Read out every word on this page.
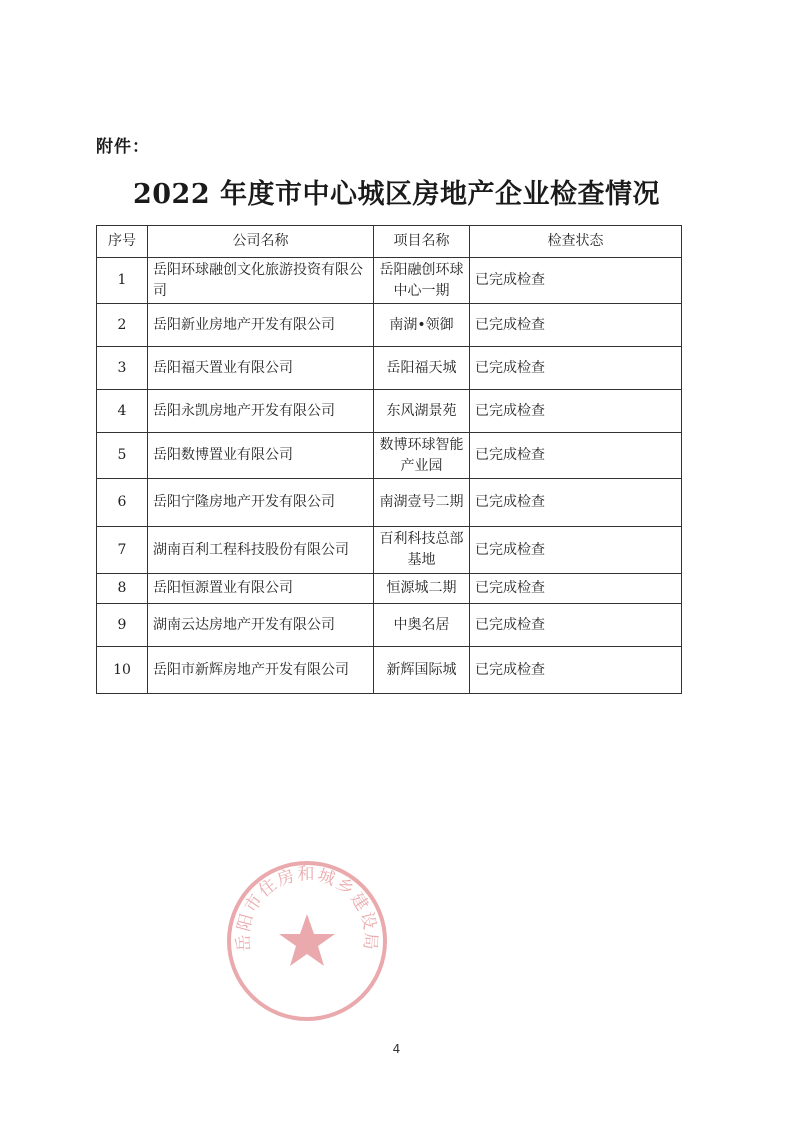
附件：
2022 年度市中心城区房地产企业检查情况
序号	公司名称	项目名称	检查状态
1	岳阳环球融创文化旅游投资有限公司	岳阳融创环球中心一期	已完成检查
2	岳阳新业房地产开发有限公司	南湖•领御	已完成检查
3	岳阳福天置业有限公司	岳阳福天城	已完成检查
4	岳阳永凯房地产开发有限公司	东风湖景苑	已完成检查
5	岳阳数博置业有限公司	数博环球智能产业园	已完成检查
6	岳阳宁隆房地产开发有限公司	南湖壹号二期	已完成检查
7	湖南百利工程科技股份有限公司	百利科技总部基地	已完成检查
8	岳阳恒源置业有限公司	恒源城二期	已完成检查
9	湖南云达房地产开发有限公司	中奥名居	已完成检查
10	岳阳市新辉房地产开发有限公司	新辉国际城	已完成检查
岳阳市住房和城乡建设局
4
